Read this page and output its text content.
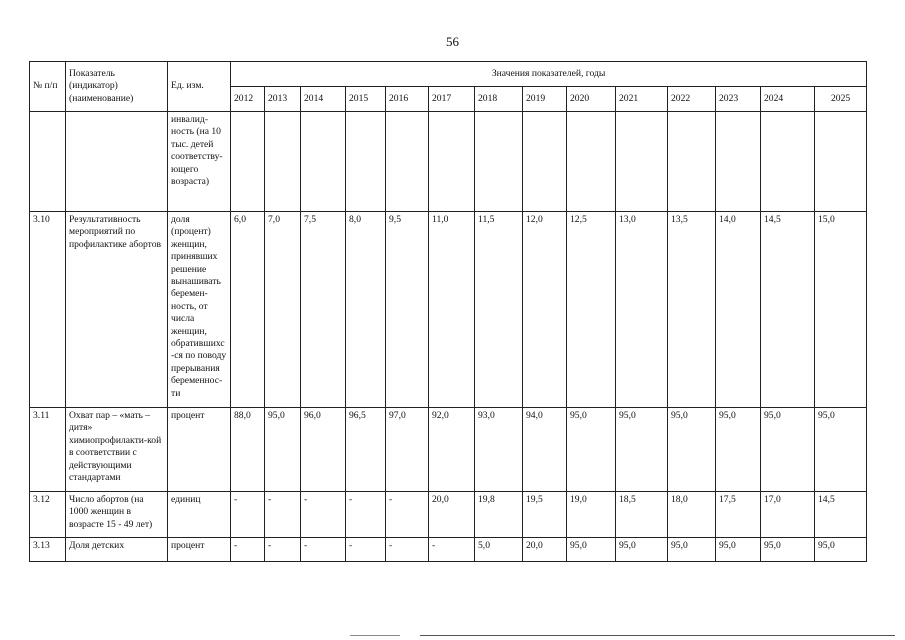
56
№ п/п	Показатель (индикатор) (наименование)	Ед. изм.	Значения показателей, годы													
			2012	2013	2014	2015	2016	2017	2018	2019	2020	2021	2022	2023	2024	2025
		инвалид-ность (на 10 тыс. детей соответству-ющего возраста)														
3.10	Результативность мероприятий по профилактике абортов	доля (процент) женщин, принявших решение вынашивать беремен-ность, от числа женщин, обратившихс-ся по поводу прерывания беременнос-ти	6,0	7,0	7,5	8,0	9,5	11,0	11,5	12,0	12,5	13,0	13,5	14,0	14,5	15,0
3.11	Охват пар – «мать – дитя» химиопрофилакти-кой в соответствии с действующими стандартами	процент	88,0	95,0	96,0	96,5	97,0	92,0	93,0	94,0	95,0	95,0	95,0	95,0	95,0	95,0
3.12	Число абортов (на 1000 женщин в возрасте 15 - 49 лет)	единиц	-	-	-	-	-	20,0	19,8	19,5	19,0	18,5	18,0	17,5	17,0	14,5
3.13	Доля детских	процент	-	-	-	-	-	-	5,0	20,0	95,0	95,0	95,0	95,0	95,0	95,0
